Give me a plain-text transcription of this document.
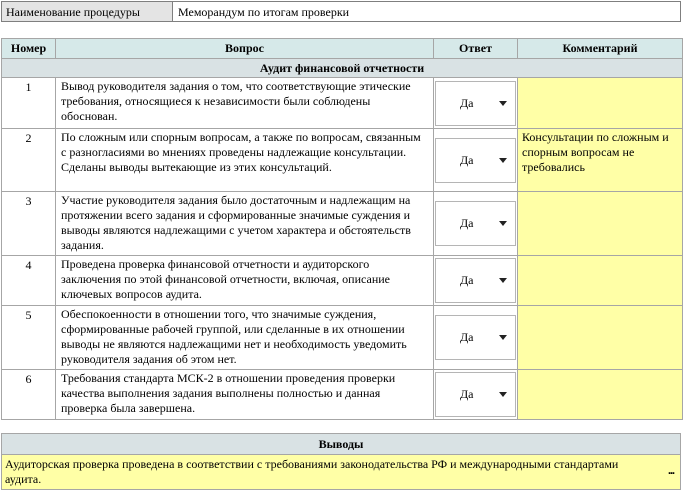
Наименование процедуры	Меморандум по итогам проверки
Номер	Вопрос	Ответ	Комментарий
Аудит финансовой отчетности			
1	Вывод руководителя задания о том, что соответствующие этические требования, относящиеся к независимости были соблюдены обоснован.	Да	

2	По сложным или спорным вопросам, а также по вопросам, связанным с разногласиями во мнениях проведены надлежащие консультации. Сделаны выводы вытекающие из этих консультаций.	Да	Консультации по сложным и спорным вопросам не требовались
3	Участие руководителя задания было достаточным и надлежащим на протяжении всего задания и сформированные значимые суждения и выводы являются надлежащими с учетом характера и обстоятельств задания.	Да	

4	Проведена проверка финансовой отчетности и аудиторского заключения по этой финансовой отчетности, включая, описание ключевых вопросов аудита.	Да	

5	Обеспокоенности в отношении того, что значимые суждения, сформированные рабочей группой, или сделанные в их отношении выводы не являются надлежащими нет и необходимость уведомить руководителя задания об этом нет.	Да	

6	Требования стандарта МСК-2 в отношении проведения проверки качества выполнения задания выполнены полностью и данная проверка была завершена.	Да	

Выводы
Аудиторская проверка проведена в соответствии с требованиями законодательства РФ и международными стандартами аудита.
...
